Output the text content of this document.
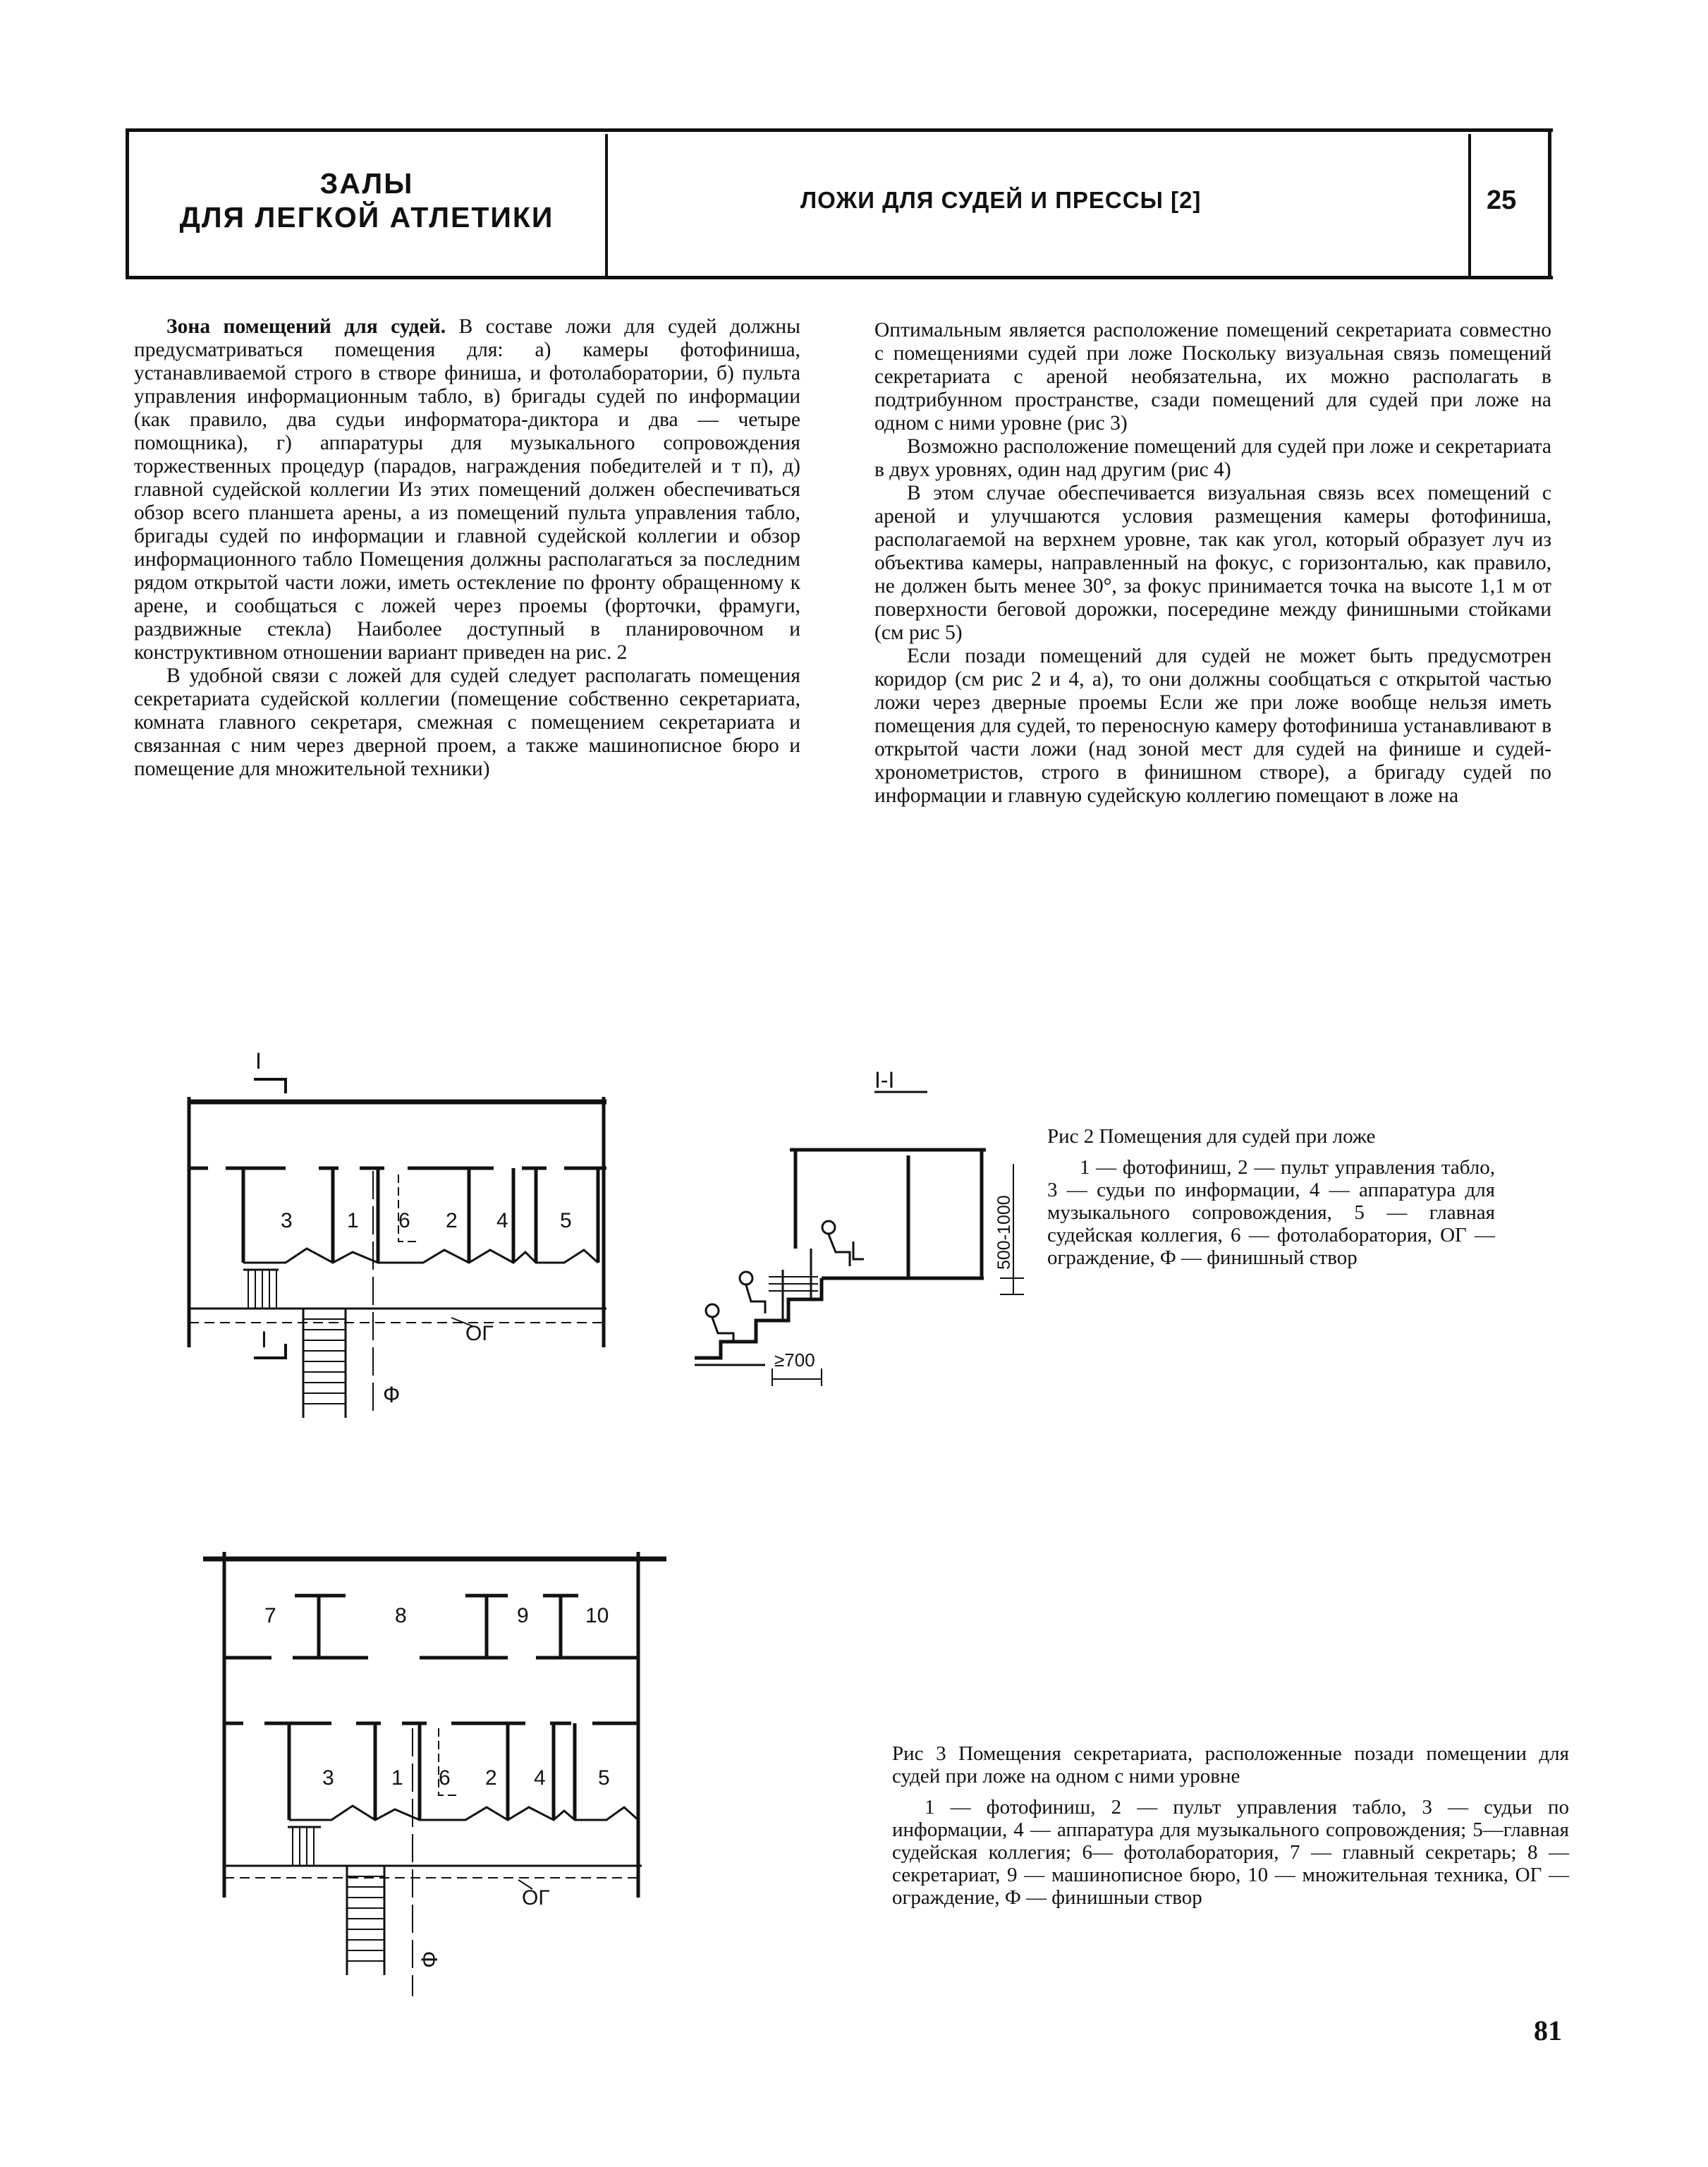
ЗАЛЫ
ДЛЯ ЛЕГКОЙ АТЛЕТИКИ
ЛОЖИ ДЛЯ СУДЕЙ И ПРЕССЫ [2]	25

Зона помещений для судей. В составе ложи для судей должны предусматриваться помещения для: а) камеры фотофиниша, устанавливаемой строго в створе финиша, и фотолаборатории, б) пульта управления информационным табло, в) бригады судей по информации (как правило, два судьи информатора-диктора и два — четыре помощника), г) аппаратуры для музыкального сопровождения торжественных процедур (парадов, награждения победителей и т п), д) главной судейской коллегии Из этих помещений должен обеспечиваться обзор всего планшета арены, а из помещений пульта управления табло, бригады судей по информации и главной судейской коллегии и обзор информационного табло Помещения должны располагаться за последним рядом открытой части ложи, иметь остекление по фронту обращенному к арене, и сообщаться с ложей через проемы (форточки, фрамуги, раздвижные стекла) Наиболее доступный в планировочном и конструктивном отношении вариант приведен на рис. 2

В удобной связи с ложей для судей следует располагать помещения секретариата судейской коллегии (помещение собственно секретариата, комната главного секретаря, смежная с помещением секретариата и связанная с ним через дверной проем, а также машинописное бюро и помещение для множительной техники)

Оптимальным является расположение помещений секретариата совместно с помещениями судей при ложе Поскольку визуальная связь помещений секретариата с ареной необязательна, их можно располагать в подтрибунном пространстве, сзади помещений для судей при ложе на одном с ними уровне (рис 3)

Возможно расположение помещений для судей при ложе и секретариата в двух уровнях, один над другим (рис 4)

В этом случае обеспечивается визуальная связь всех помещений с ареной и улучшаются условия размещения камеры фотофиниша, располагаемой на верхнем уровне, так как угол, который образует луч из объектива камеры, направленный на фокус, с горизонталью, как правило, не должен быть менее 30°, за фокус принимается точка на высоте 1,1 м от поверхности беговой дорожки, посередине между финишными стойками (см рис 5)

Если позади помещений для судей не может быть предусмотрен коридор (см рис 2 и 4, а), то они должны сообщаться с открытой частью ложи через дверные проемы Если же при ложе вообще нельзя иметь помещения для судей, то переносную камеру фотофиниша устанавливают в открытой части ложи (над зоной мест для судей на финише и судей-хронометристов, строго в финишном створе), а бригаду судей по информации и главную судейскую коллегию помещают в ложе на

3	1 6 2 4 5
ОГ
Ф
I
I
I-I
500-1000
≥700
Рис 2 Помещения для судей при ложе
1 — фотофиниш, 2 — пульт управления табло, 3 — судьи по информации, 4 — аппаратура для музыкального сопровождения, 5 — главная судейская коллегия, 6 — фотолаборатория, ОГ — ограждение, Ф — финишный створ
7	8	9	10
3	1 6 2 4 5
ОГ
Ф
Рис 3 Помещения секретариата, расположенные позади помещении для судей при ложе на одном с ними уровне
1 — фотофиниш, 2 — пульт управления табло, 3 — судьи по информации, 4 — аппаратура для музыкального сопровождения; 5—главная судейская коллегия; 6— фотолаборатория, 7 — главный секретарь; 8 — секретариат, 9 — машинописное бюро, 10 — множительная техника, ОГ — ограждение, Ф — финишныи створ
81
